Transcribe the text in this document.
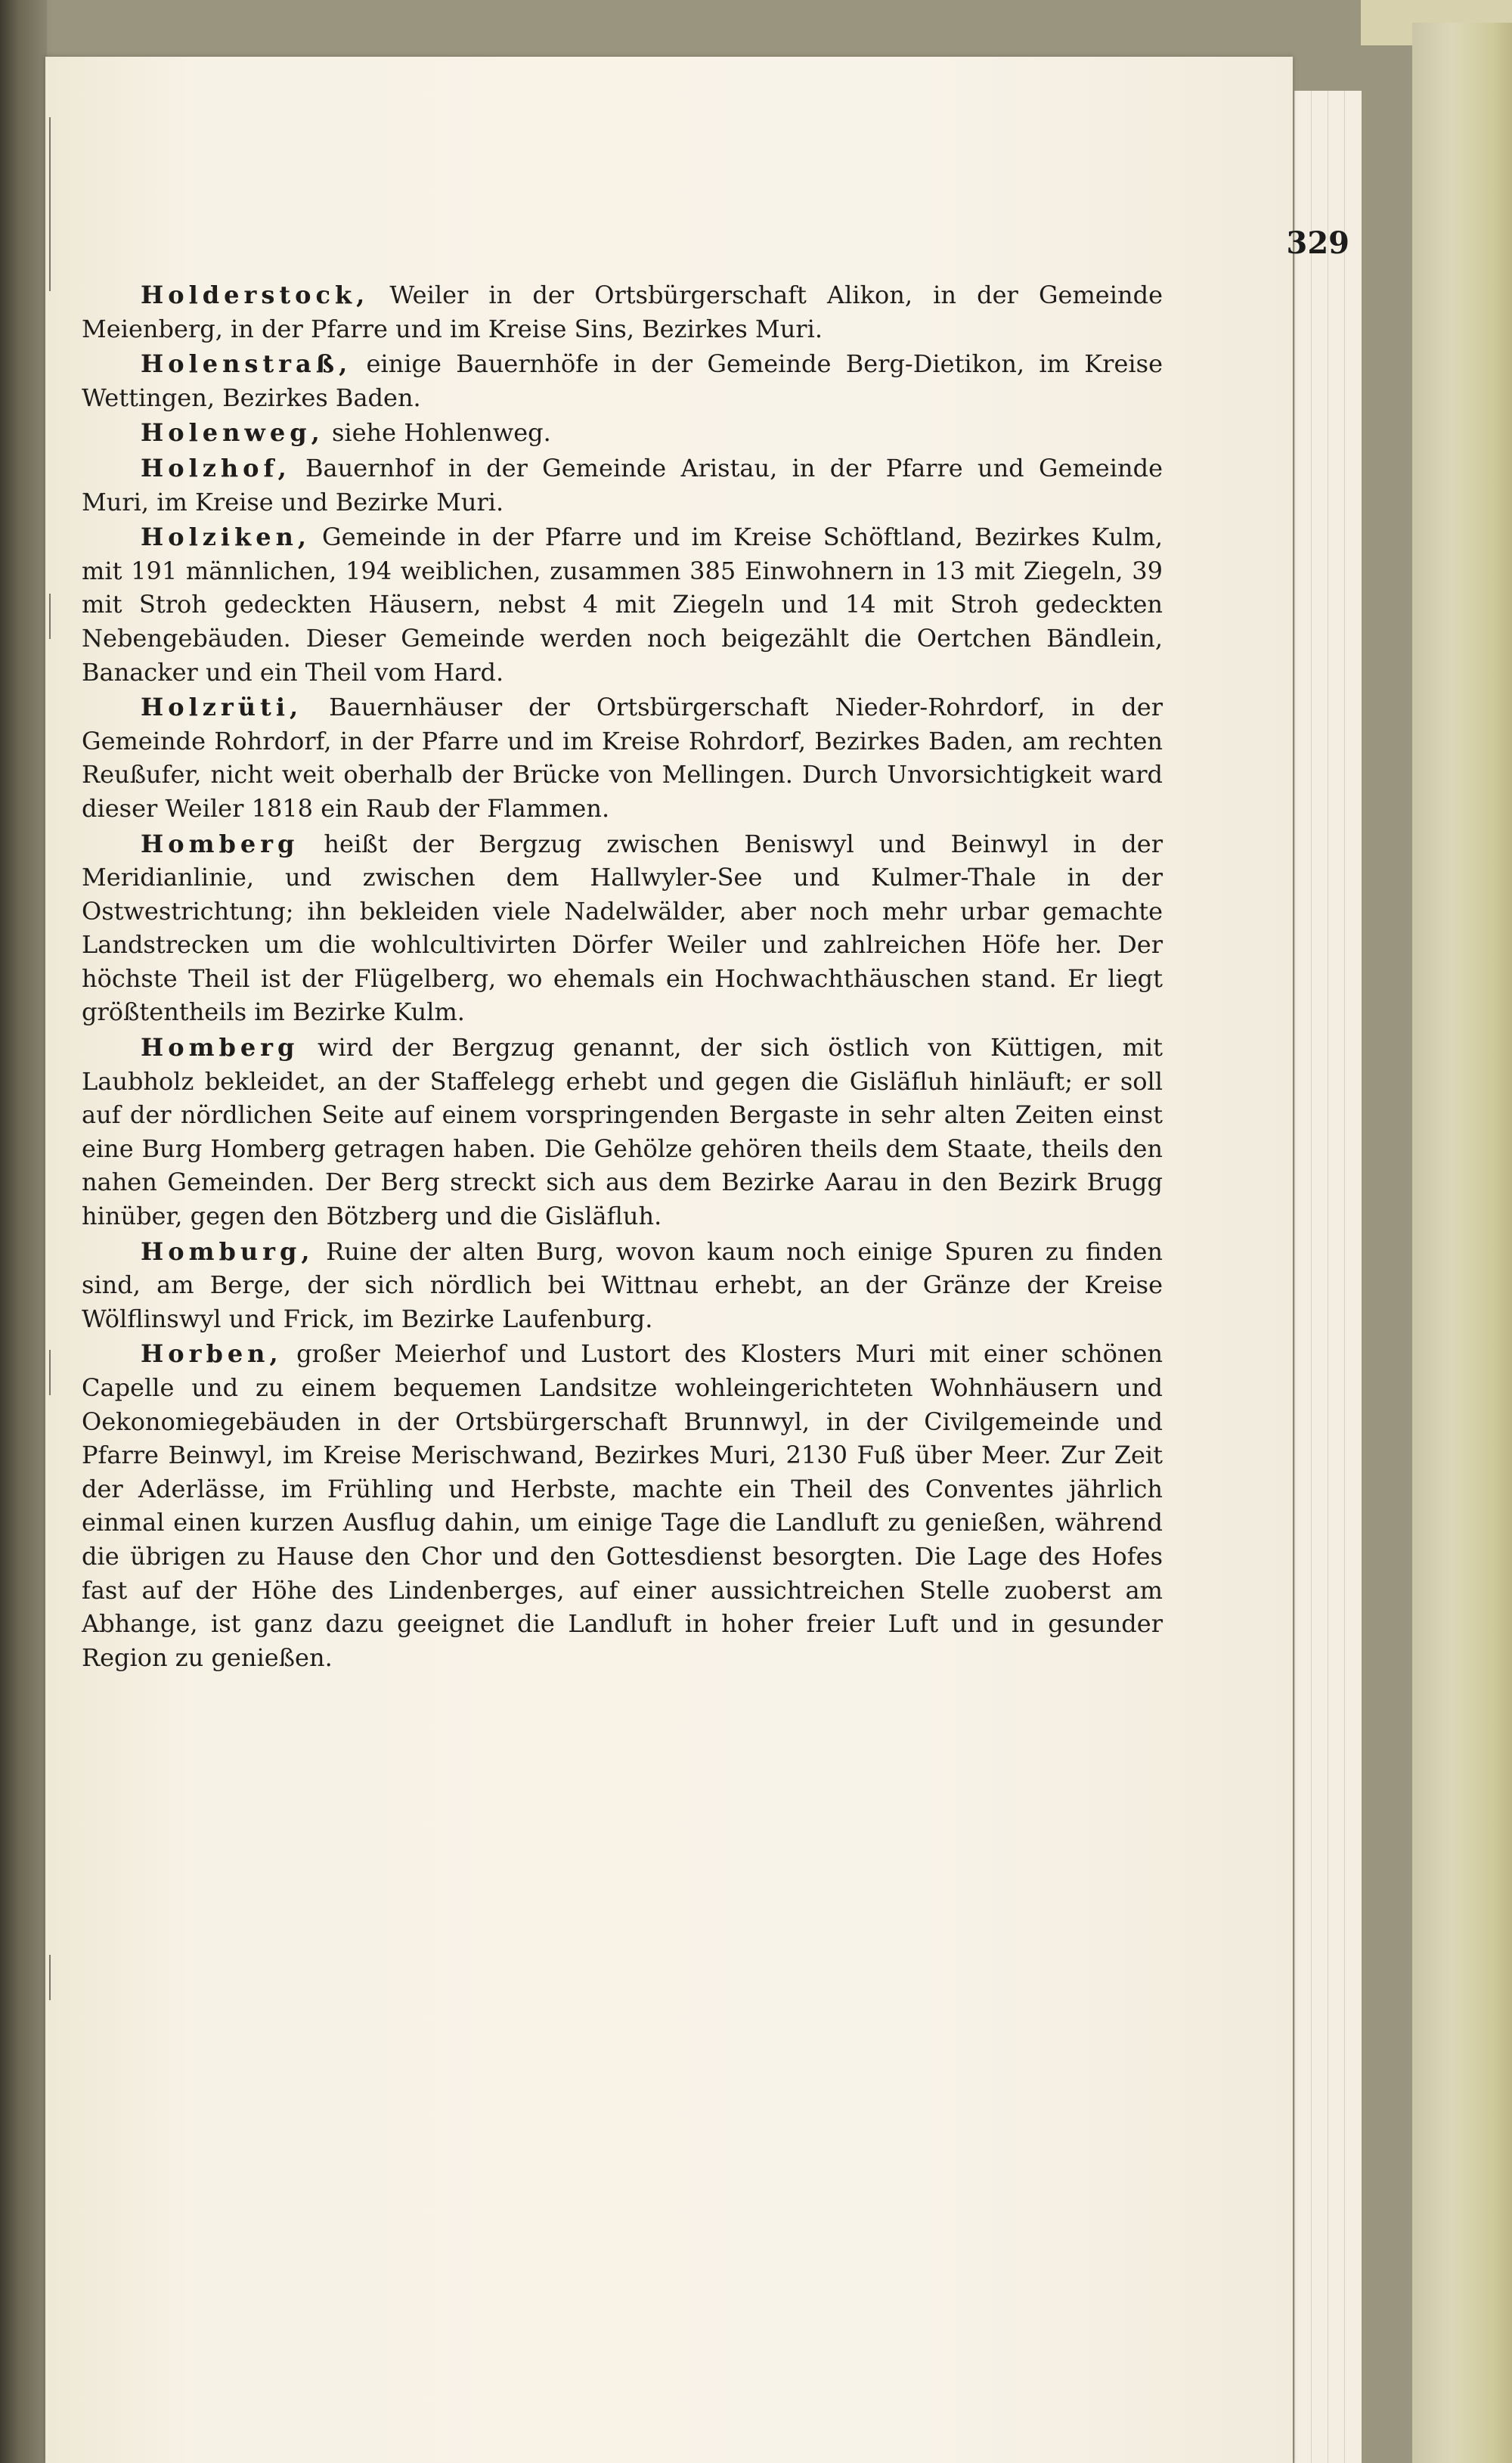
329

Holderstock, Weiler in der Ortsbürgerschaft Alikon, in der Gemeinde Meienberg, in der Pfarre und im Kreise Sins, Bezirkes Muri.

Holenstraß, einige Bauernhöfe in der Gemeinde Berg-Dietikon, im Kreise Wettingen, Bezirkes Baden.

Holenweg, siehe Hohlenweg.

Holzhof, Bauernhof in der Gemeinde Aristau, in der Pfarre und Gemeinde Muri, im Kreise und Bezirke Muri.

Holziken, Gemeinde in der Pfarre und im Kreise Schöftland, Bezirkes Kulm, mit 191 männlichen, 194 weiblichen, zusammen 385 Einwohnern in 13 mit Ziegeln, 39 mit Stroh gedeckten Häusern, nebst 4 mit Ziegeln und 14 mit Stroh gedeckten Nebengebäuden. Dieser Gemeinde werden noch beigezählt die Oertchen Bändlein, Banacker und ein Theil vom Hard.

Holzrüti, Bauernhäuser der Ortsbürgerschaft Nieder-Rohrdorf, in der Gemeinde Rohrdorf, in der Pfarre und im Kreise Rohrdorf, Bezirkes Baden, am rechten Reußufer, nicht weit oberhalb der Brücke von Mellingen. Durch Unvorsichtigkeit ward dieser Weiler 1818 ein Raub der Flammen.

Homberg heißt der Bergzug zwischen Beniswyl und Beinwyl in der Meridianlinie, und zwischen dem Hallwyler-See und Kulmer-Thale in der Ostwestrichtung; ihn bekleiden viele Nadelwälder, aber noch mehr urbar gemachte Landstrecken um die wohlcultivirten Dörfer Weiler und zahlreichen Höfe her. Der höchste Theil ist der Flügelberg, wo ehemals ein Hochwachthäuschen stand. Er liegt größtentheils im Bezirke Kulm.

Homberg wird der Bergzug genannt, der sich östlich von Küttigen, mit Laubholz bekleidet, an der Staffelegg erhebt und gegen die Gisläfluh hinläuft; er soll auf der nördlichen Seite auf einem vorspringenden Bergaste in sehr alten Zeiten einst eine Burg Homberg getragen haben. Die Gehölze gehören theils dem Staate, theils den nahen Gemeinden. Der Berg streckt sich aus dem Bezirke Aarau in den Bezirk Brugg hinüber, gegen den Bötzberg und die Gisläfluh.

Homburg, Ruine der alten Burg, wovon kaum noch einige Spuren zu finden sind, am Berge, der sich nördlich bei Wittnau erhebt, an der Gränze der Kreise Wölflinswyl und Frick, im Bezirke Laufenburg.

Horben, großer Meierhof und Lustort des Klosters Muri mit einer schönen Capelle und zu einem bequemen Landsitze wohleingerichteten Wohnhäusern und Oekonomiegebäuden in der Ortsbürgerschaft Brunnwyl, in der Civilgemeinde und Pfarre Beinwyl, im Kreise Merischwand, Bezirkes Muri, 2130 Fuß über Meer. Zur Zeit der Aderlässe, im Frühling und Herbste, machte ein Theil des Conventes jährlich einmal einen kurzen Ausflug dahin, um einige Tage die Landluft zu genießen, während die übrigen zu Hause den Chor und den Gottesdienst besorgten. Die Lage des Hofes fast auf der Höhe des Lindenberges, auf einer aussichtreichen Stelle zuoberst am Abhange, ist ganz dazu geeignet die Landluft in hoher freier Luft und in gesunder Region zu genießen.
